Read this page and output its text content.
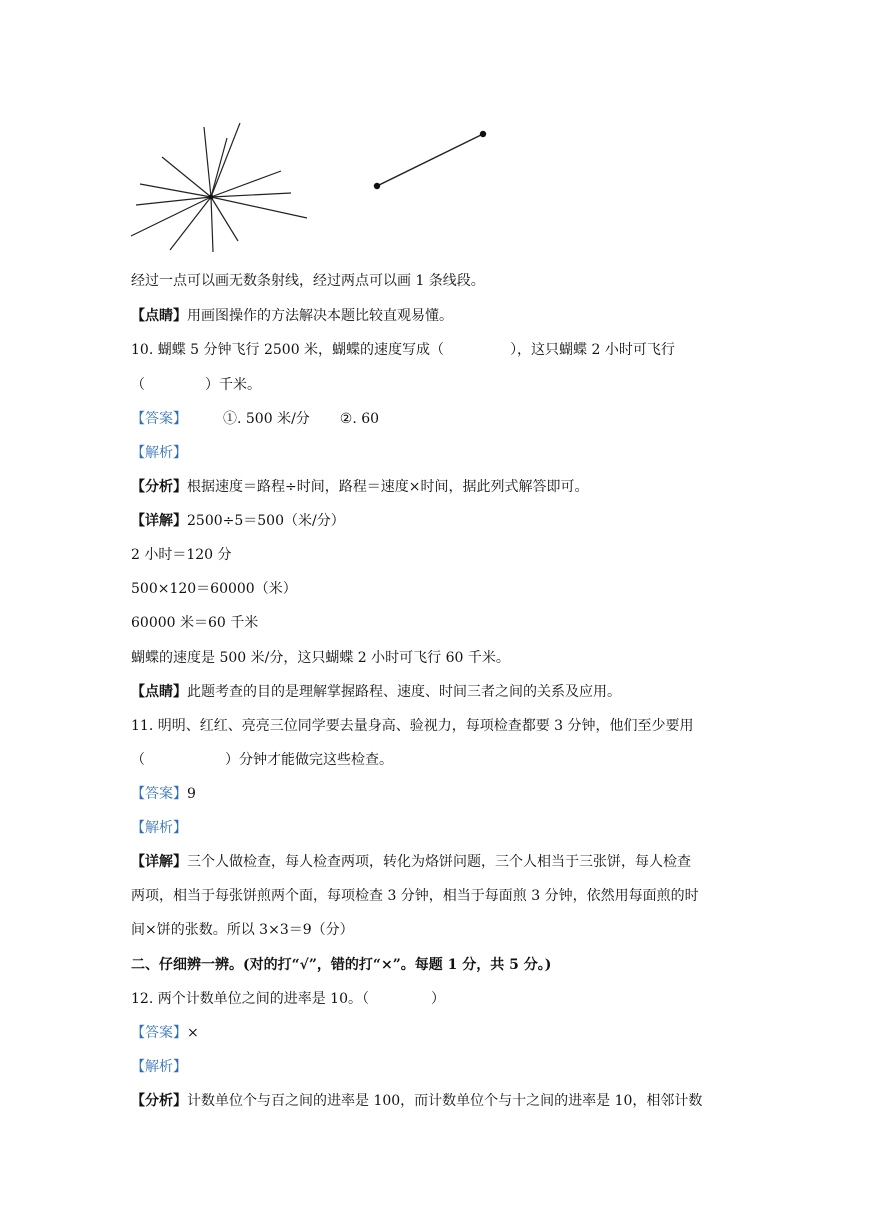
经过一点可以画无数条射线，经过两点可以画 1 条线段。
【点睛】用画图操作的方法解决本题比较直观易懂。
10. 蝴蝶 5 分钟飞行 2500 米，蝴蝶的速度写成（	），这只蝴蝶 2 小时可飞行
（	）千米。
【答案】	①. 500 米/分 ②. 60
【解析】
【分析】根据速度＝路程÷时间，路程＝速度×时间，据此列式解答即可。
【详解】2500÷5＝500（米/分）
2 小时＝120 分
500×120＝60000（米）
60000 米＝60 千米
蝴蝶的速度是 500 米/分，这只蝴蝶 2 小时可飞行 60 千米。
【点睛】此题考查的目的是理解掌握路程、速度、时间三者之间的关系及应用。
11. 明明、红红、亮亮三位同学要去量身高、验视力，每项检查都要 3 分钟，他们至少要用
（	）分钟才能做完这些检查。
【答案】9
【解析】
【详解】三个人做检查，每人检查两项，转化为烙饼问题，三个人相当于三张饼，每人检查
两项，相当于每张饼煎两个面，每项检查 3 分钟，相当于每面煎 3 分钟，依然用每面煎的时
间×饼的张数。所以 3×3＝9（分）
二、仔细辨一辨。(对的打“√”，错的打“×”。每题 1 分，共 5 分。)
12. 两个计数单位之间的进率是 10。（	）
【答案】×
【解析】
【分析】计数单位个与百之间的进率是 100，而计数单位个与十之间的进率是 10，相邻计数
